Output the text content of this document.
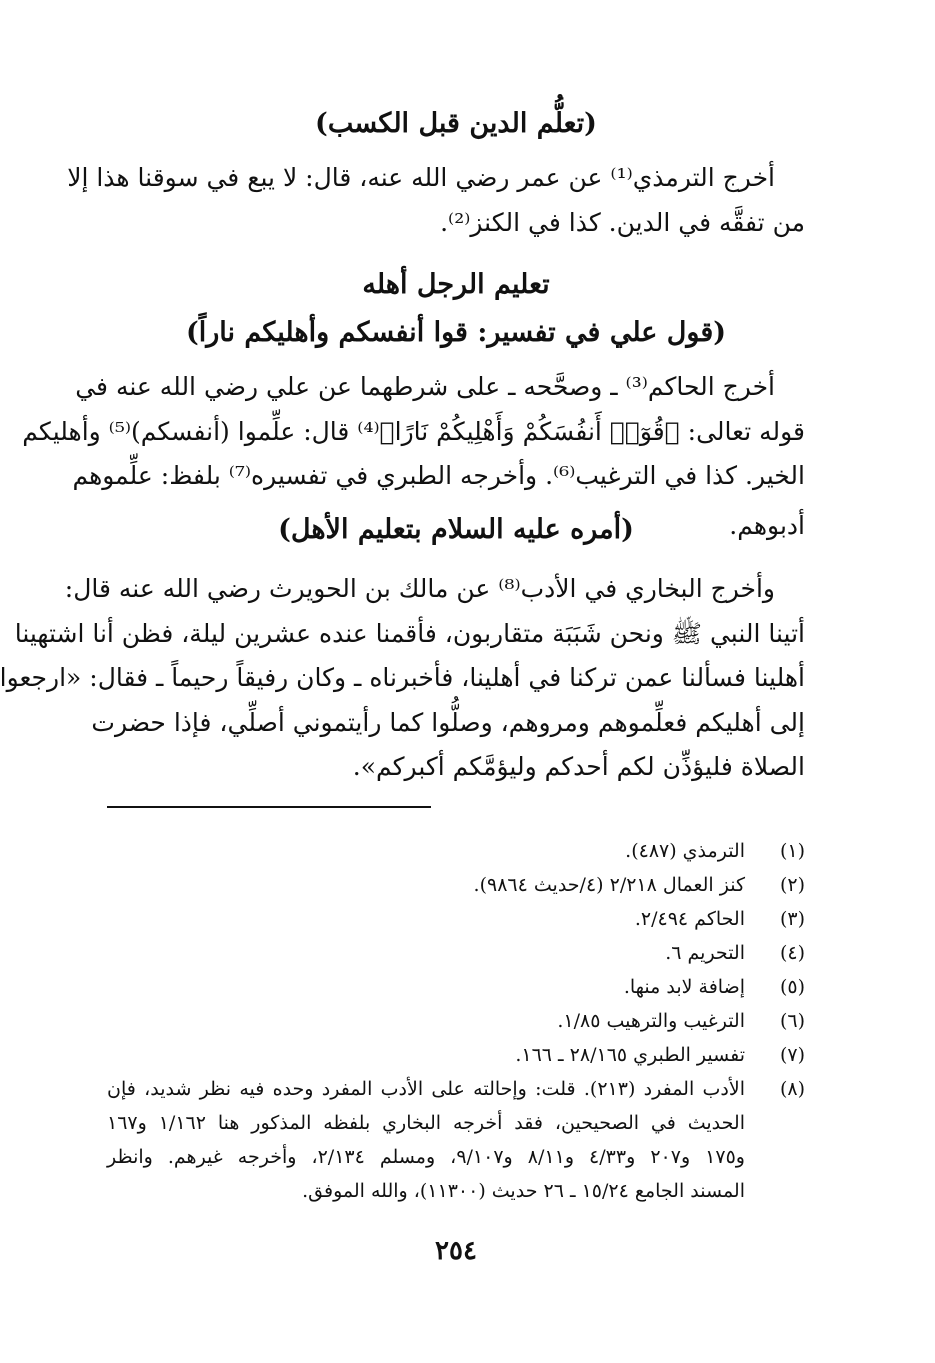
(تعلُّم الدين قبل الكسب)
أخرج الترمذي⁽¹⁾ عن عمر رضي الله عنه، قال: لا يبع في سوقنا هذا إلا
من تفقَّه في الدين. كذا في الكنز⁽²⁾.
تعليم الرجل أهله
(قول علي في تفسير: قوا أنفسكم وأهليكم ناراً)
أخرج الحاكم⁽³⁾ ـ وصحَّحه ـ على شرطهما عن علي رضي الله عنه في
قوله تعالى: ﴿قُوٓا۟ أَنفُسَكُمْ وَأَهْلِيكُمْ نَارًا﴾⁽⁴⁾ قال: علِّموا (أنفسكم)⁽⁵⁾ وأهليكم
الخير. كذا في الترغيب⁽⁶⁾. وأخرجه الطبري في تفسيره⁽⁷⁾ بلفظ: علِّموهم
أدبوهم.
(أمره عليه السلام بتعليم الأهل)
وأخرج البخاري في الأدب⁽⁸⁾ عن مالك بن الحويرث رضي الله عنه قال:
أتينا النبي ﷺ ونحن شَبَبَة متقاربون، فأقمنا عنده عشرين ليلة، فظن أنا اشتهينا
أهلينا فسألنا عمن تركنا في أهلينا، فأخبرناه ـ وكان رفيقاً رحيماً ـ فقال: «ارجعوا
إلى أهليكم فعلِّموهم ومروهم، وصلُّوا كما رأيتموني أصلِّي، فإذا حضرت
الصلاة فليؤذِّن لكم أحدكم وليؤمَّكم أكبركم».
(١)
الترمذي (٤٨٧).
(٢)
كنز العمال ٢/٢١٨ (٤/حديث ٩٨٦٤).
(٣)
الحاكم ٢/٤٩٤.
(٤)
التحريم ٦.
(٥)
إضافة لابد منها.
(٦)
الترغيب والترهيب ١/٨٥.
(٧)
تفسير الطبري ٢٨/١٦٥ ـ ١٦٦.
(٨)
الأدب المفرد (٢١٣). قلت: وإحالته على الأدب المفرد وحده فيه نظر شديد، فإن
الحديث في الصحيحين، فقد أخرجه البخاري بلفظه المذكور هنا ١/١٦٢ و١٦٧
و١٧٥ و٢٠٧ و٤/٣٣ و٨/١١ و٩/١٠٧، ومسلم ٢/١٣٤، وأخرجه غيرهم. وانظر
المسند الجامع ١٥/٢٤ ـ ٢٦ حديث (١١٣٠٠)، والله الموفق.
٢٥٤
